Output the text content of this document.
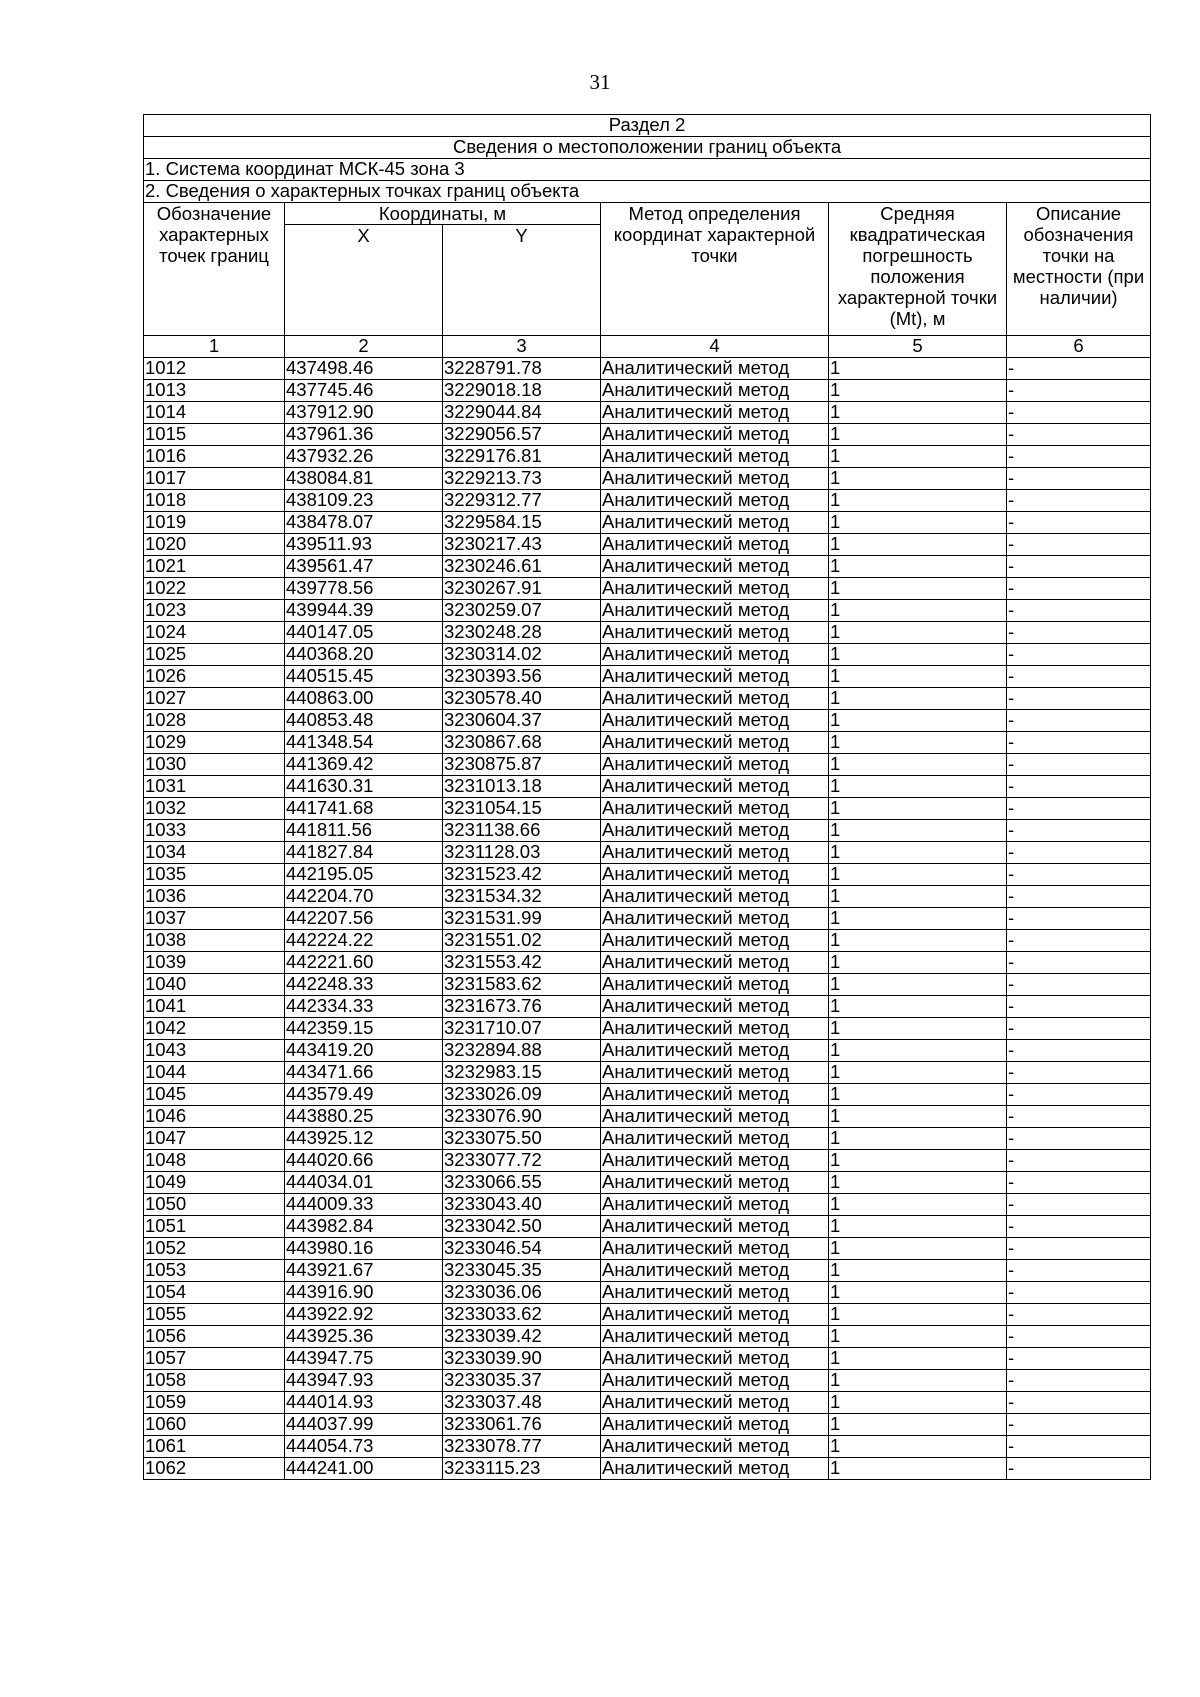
31
Раздел 2					
Сведения о местоположении границ объекта					
1. Система координат МСК-45 зона 3					
2. Сведения о характерных точках границ объекта					
Обозначение характерных точек границ	Координаты, м		Метод определения координат характерной точки	Средняя квадратическая погрешность положения характерной точки (Mt), м	Описание обозначения точки на местности (при наличии)
	X	Y			
1	2	3	4	5	6
1012	437498.46	3228791.78	Аналитический метод	1	-
1013	437745.46	3229018.18	Аналитический метод	1	-
1014	437912.90	3229044.84	Аналитический метод	1	-
1015	437961.36	3229056.57	Аналитический метод	1	-
1016	437932.26	3229176.81	Аналитический метод	1	-
1017	438084.81	3229213.73	Аналитический метод	1	-
1018	438109.23	3229312.77	Аналитический метод	1	-
1019	438478.07	3229584.15	Аналитический метод	1	-
1020	439511.93	3230217.43	Аналитический метод	1	-
1021	439561.47	3230246.61	Аналитический метод	1	-
1022	439778.56	3230267.91	Аналитический метод	1	-
1023	439944.39	3230259.07	Аналитический метод	1	-
1024	440147.05	3230248.28	Аналитический метод	1	-
1025	440368.20	3230314.02	Аналитический метод	1	-
1026	440515.45	3230393.56	Аналитический метод	1	-
1027	440863.00	3230578.40	Аналитический метод	1	-
1028	440853.48	3230604.37	Аналитический метод	1	-
1029	441348.54	3230867.68	Аналитический метод	1	-
1030	441369.42	3230875.87	Аналитический метод	1	-
1031	441630.31	3231013.18	Аналитический метод	1	-
1032	441741.68	3231054.15	Аналитический метод	1	-
1033	441811.56	3231138.66	Аналитический метод	1	-
1034	441827.84	3231128.03	Аналитический метод	1	-
1035	442195.05	3231523.42	Аналитический метод	1	-
1036	442204.70	3231534.32	Аналитический метод	1	-
1037	442207.56	3231531.99	Аналитический метод	1	-
1038	442224.22	3231551.02	Аналитический метод	1	-
1039	442221.60	3231553.42	Аналитический метод	1	-
1040	442248.33	3231583.62	Аналитический метод	1	-
1041	442334.33	3231673.76	Аналитический метод	1	-
1042	442359.15	3231710.07	Аналитический метод	1	-
1043	443419.20	3232894.88	Аналитический метод	1	-
1044	443471.66	3232983.15	Аналитический метод	1	-
1045	443579.49	3233026.09	Аналитический метод	1	-
1046	443880.25	3233076.90	Аналитический метод	1	-
1047	443925.12	3233075.50	Аналитический метод	1	-
1048	444020.66	3233077.72	Аналитический метод	1	-
1049	444034.01	3233066.55	Аналитический метод	1	-
1050	444009.33	3233043.40	Аналитический метод	1	-
1051	443982.84	3233042.50	Аналитический метод	1	-
1052	443980.16	3233046.54	Аналитический метод	1	-
1053	443921.67	3233045.35	Аналитический метод	1	-
1054	443916.90	3233036.06	Аналитический метод	1	-
1055	443922.92	3233033.62	Аналитический метод	1	-
1056	443925.36	3233039.42	Аналитический метод	1	-
1057	443947.75	3233039.90	Аналитический метод	1	-
1058	443947.93	3233035.37	Аналитический метод	1	-
1059	444014.93	3233037.48	Аналитический метод	1	-
1060	444037.99	3233061.76	Аналитический метод	1	-
1061	444054.73	3233078.77	Аналитический метод	1	-
1062	444241.00	3233115.23	Аналитический метод	1	-
